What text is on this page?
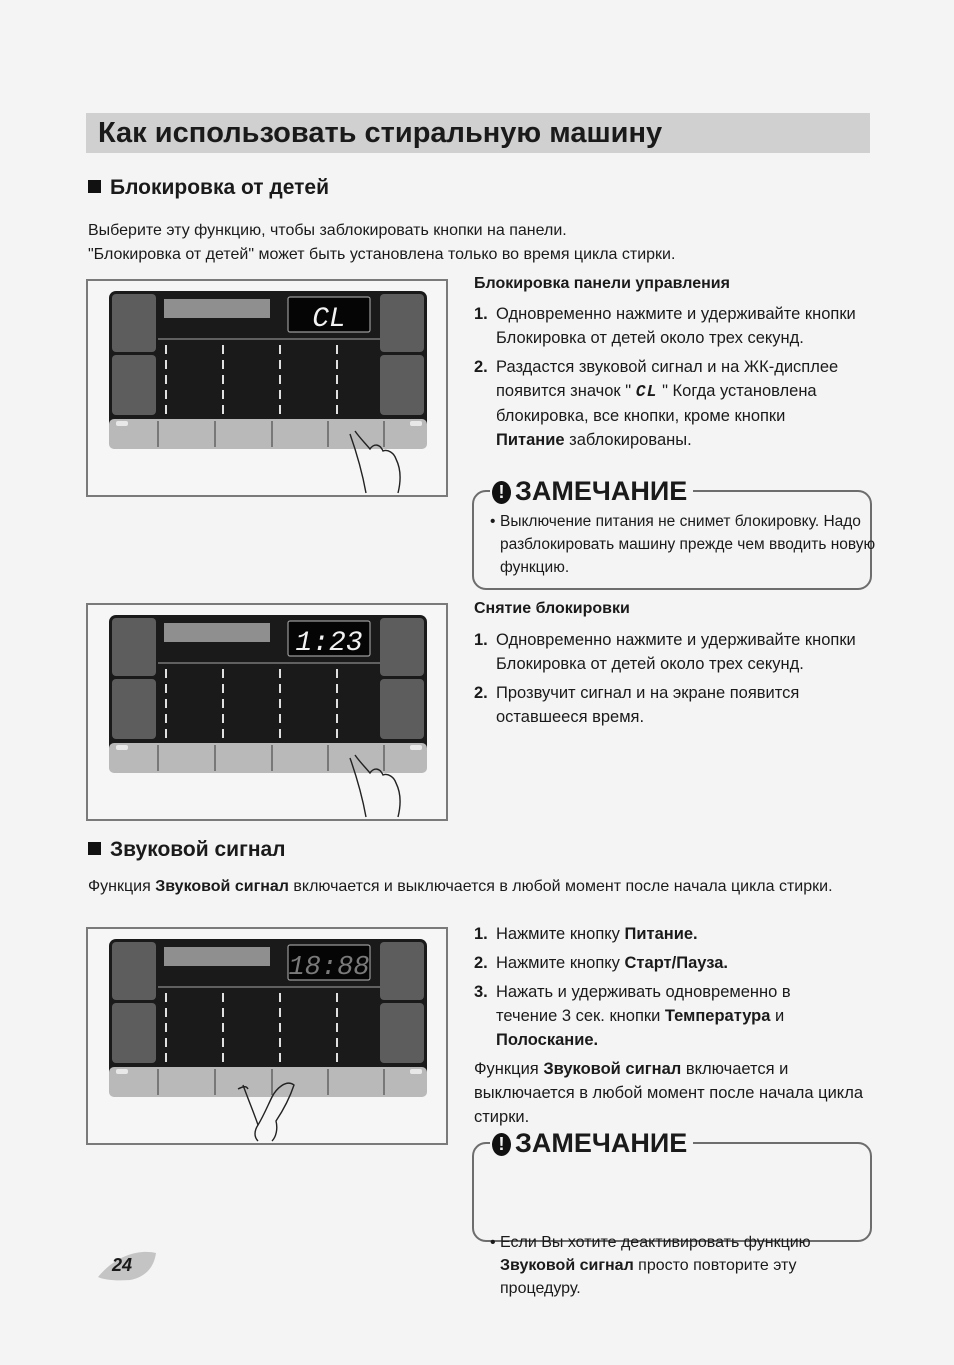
Как использовать стиральную машину
Блокировка от детей
Выберите эту функцию, чтобы заблокировать кнопки на панели.
"Блокировка от детей" может быть установлена только во время цикла стирки.
CL
Блокировка панели управления
1. Одновременно нажмите и удерживайте кнопки Блокировка от детей около трех секунд.
2. Раздастся звуковой сигнал и на ЖК-дисплее появится значок " CL " Когда установлена блокировка, все кнопки, кроме кнопки Питание заблокированы.
! ЗАМЕЧАНИЕ
• Выключение питания не снимет блокировку. Надо разблокировать машину прежде чем вводить новую функцию.
1:23
Снятие блокировки
1. Одновременно нажмите и удерживайте кнопки Блокировка от детей около трех секунд.
2. Прозвучит сигнал и на экране появится оставшееся время.
Звуковой сигнал
Функция Звуковой сигнал включается и выключается в любой момент после начала цикла стирки.
18:88
1. Нажмите кнопку Питание.
2. Нажмите кнопку Старт/Пауза.
3. Нажать и удерживать одновременно в течение 3 сек. кнопки Температура и Полоскание.
Функция Звуковой сигнал включается и выключается в любой момент после начала цикла стирки.
! ЗАМЕЧАНИЕ
• Если Вы хотите деактивировать функцию Звуковой сигнал просто повторите эту процедуру.
24
